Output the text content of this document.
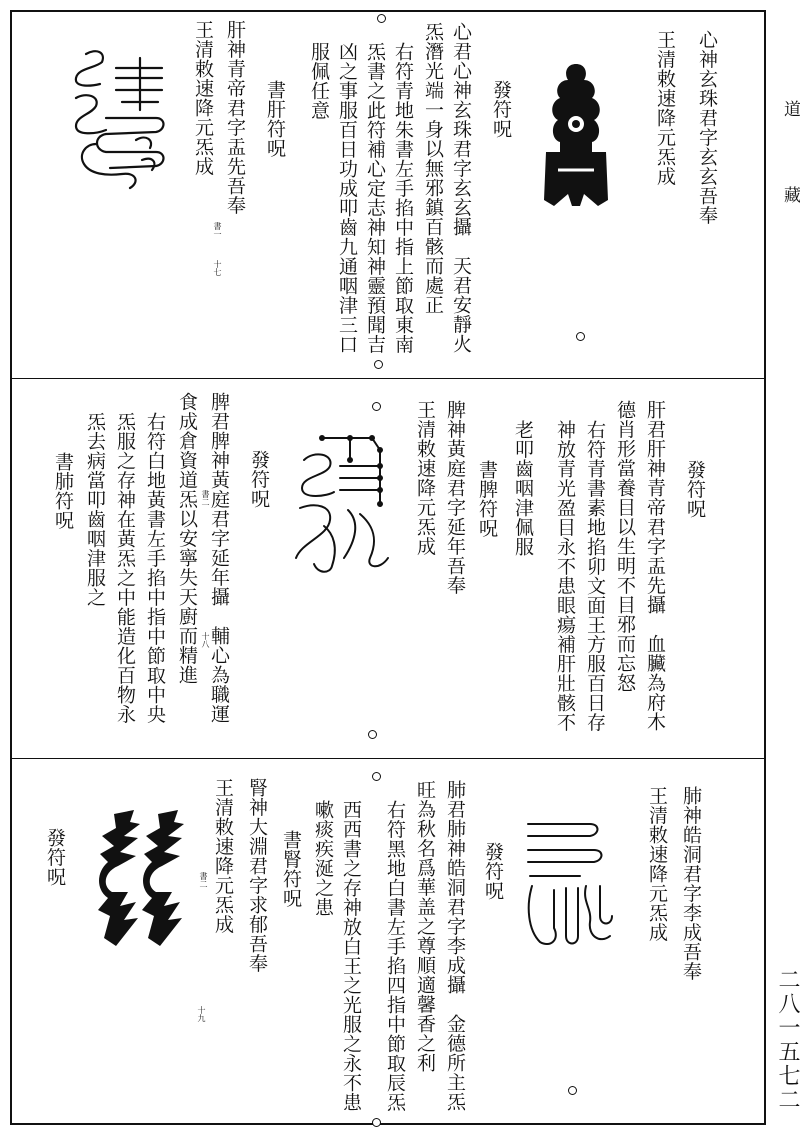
道
藏
二八一五七二
心神玄珠君字玄玄吾奉
王清敕速降元炁成
發符呪
心君心神玄珠君字玄玄攝　天君安靜火
炁潛光端一身以無邪鎮百骸而處正
右符青地朱書左手掐中指上節取東南
炁書之此符補心定志神知神靈預聞吉
凶之事服百日功成叩齒九通咽津三口
服佩任意
書肝符呪
肝神青帝君字盂先吾奉
王清敕速降元炁成
書一
十七
發符呪
肝君肝神青帝君字盂先攝　血臟為府木
德肖形當養目以生明不目邪而忘怒
右符青書素地掐卯文面王方服百日存
神放青光盈目永不患眼瘍補肝壯骸不
老叩齒咽津佩服
書脾符呪
脾神黃庭君字延年吾奉
王清敕速降元炁成
發符呪
脾君脾神黃庭君字延年攝　輔心為職運
食成倉資道炁以安寧失天廚而精進 書二
十八
右符白地黃書左手掐中指中節取中央
炁服之存神在黃炁之中能造化百物永
炁去病當叩齒咽津服之
書肺符呪
肺神皓洞君字李成吾奉
王清敕速降元炁成
發符呪
肺君肺神皓洞君字李成攝　金德所主炁
旺為秋名爲華盖之尊順適馨香之利
右符黑地白書左手掐四指中節取辰炁
西西書之存神放白王之光服之永不患
嗽痰疾涎之患
書腎符呪
腎神大淵君字求郁吾奉
王清敕速降元炁成
書二
十九
發符呪
